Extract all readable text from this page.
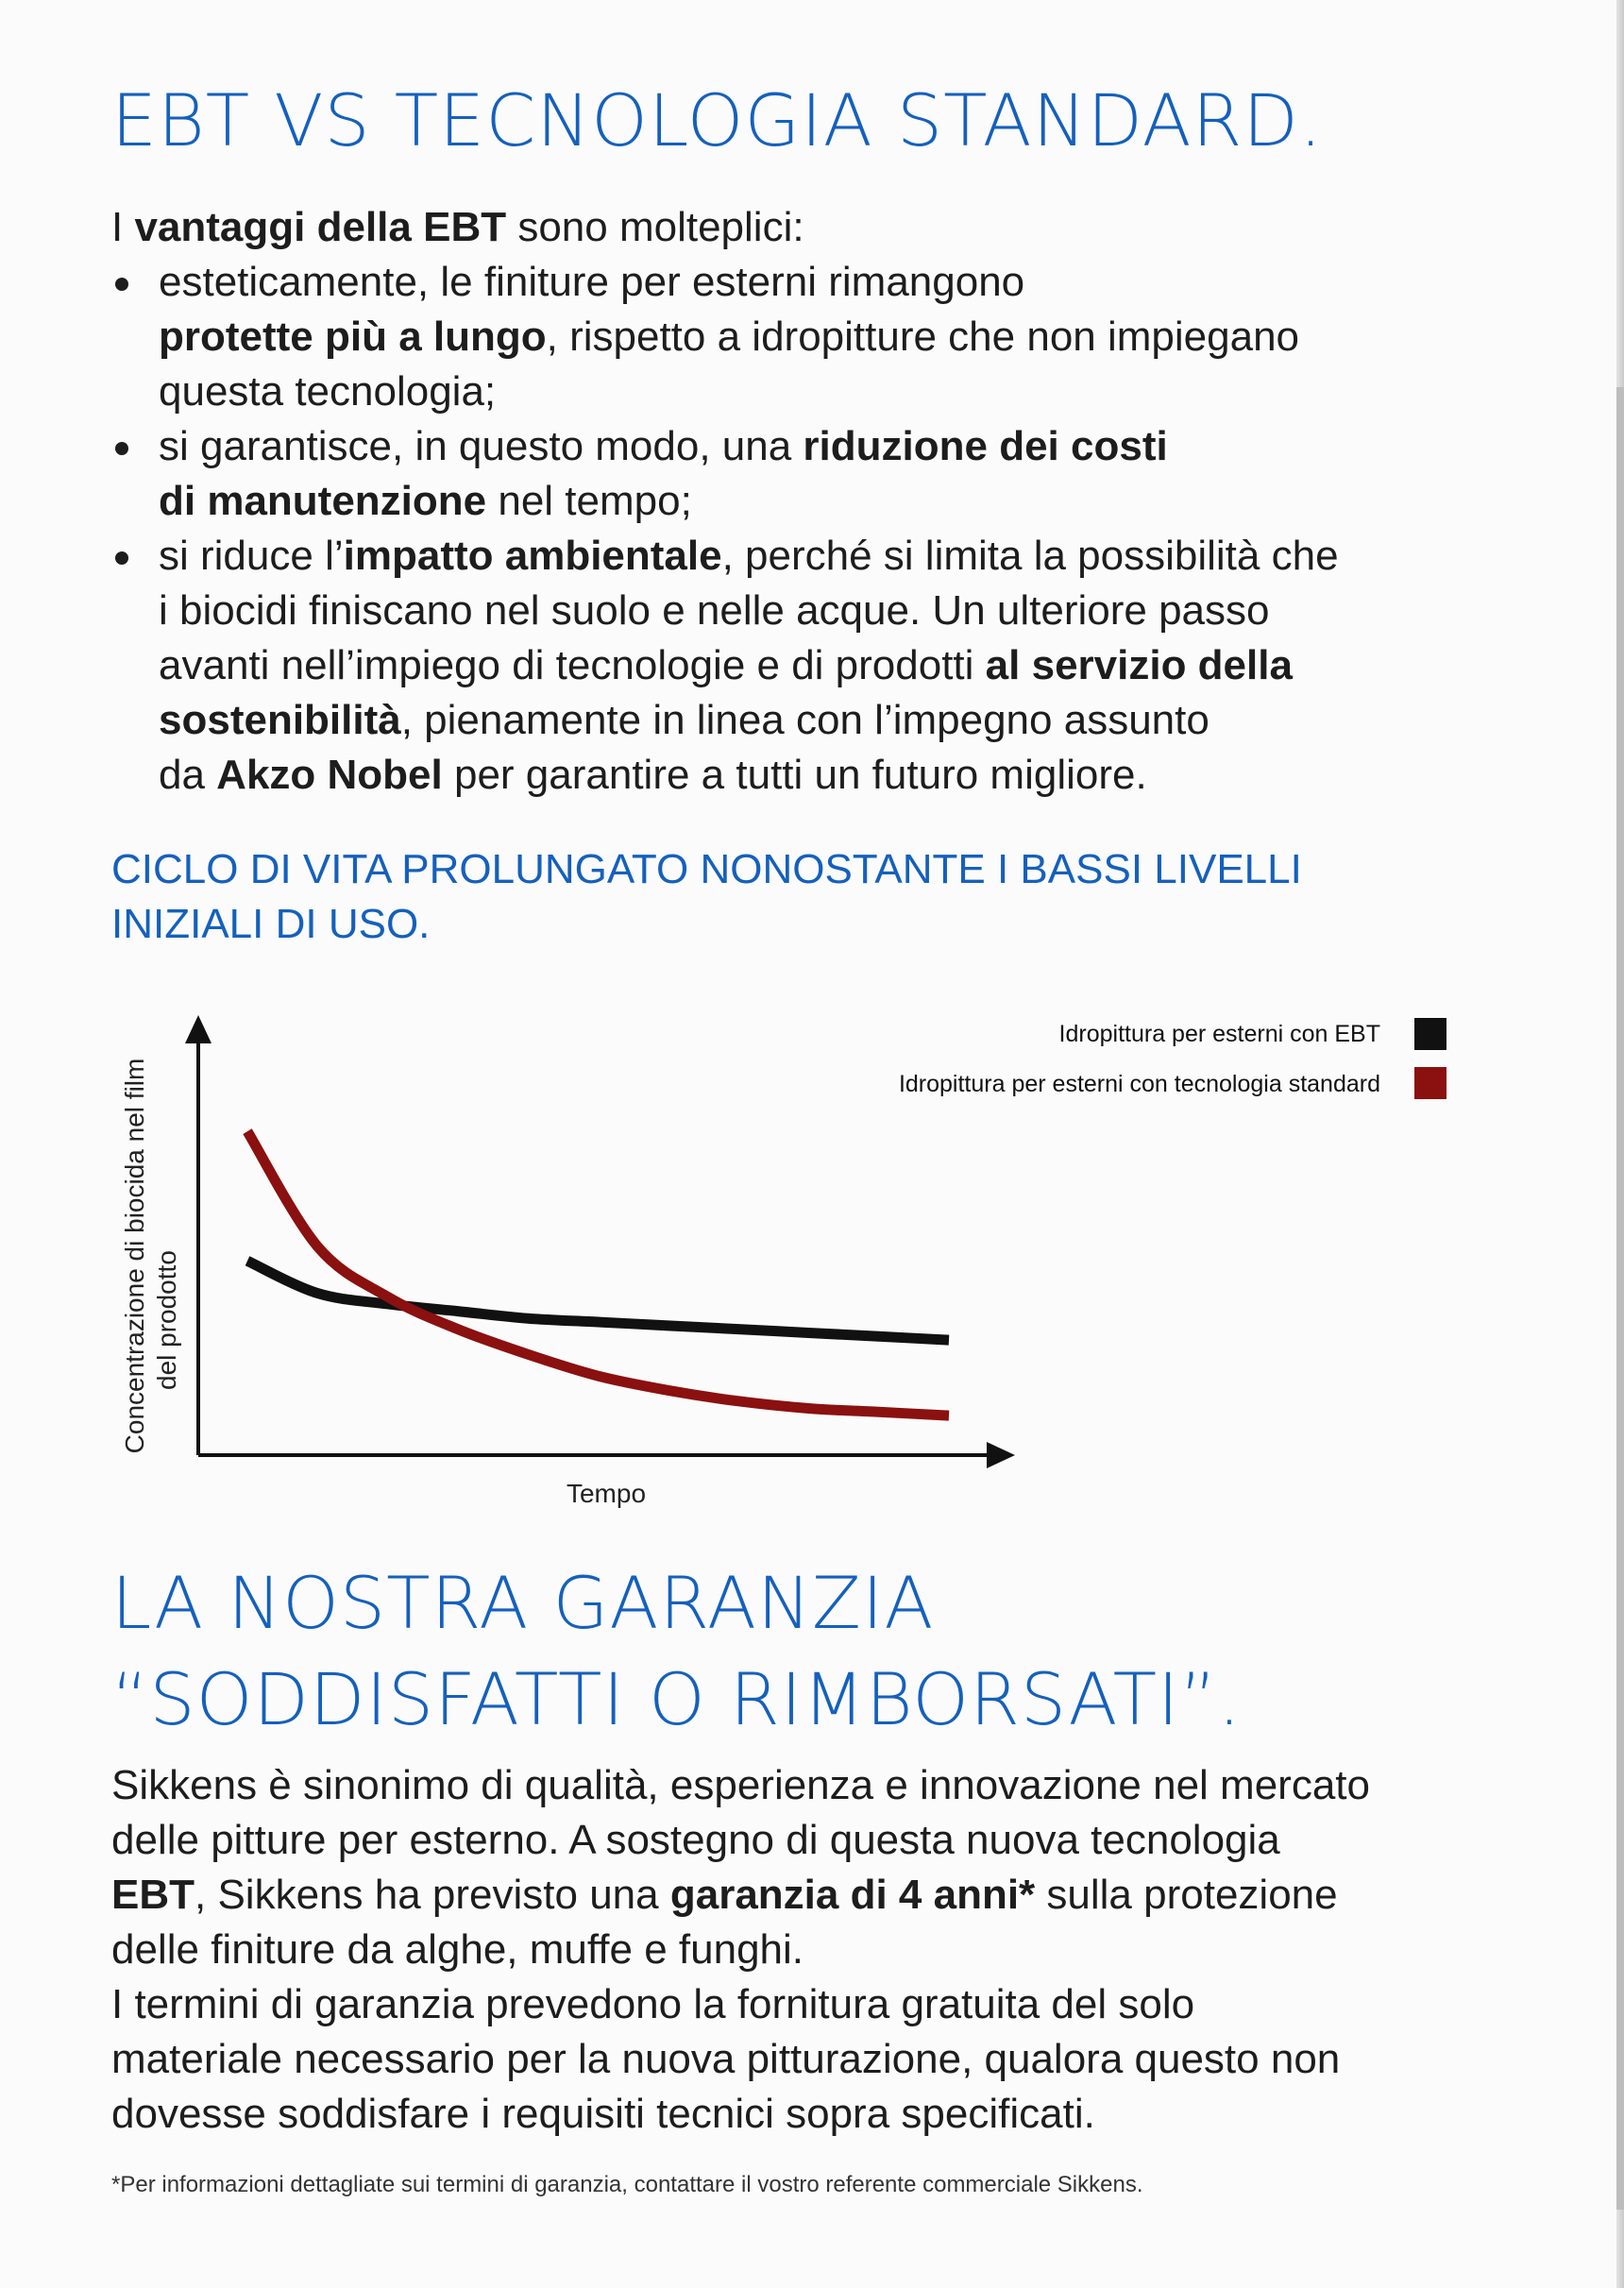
EBT VS TECNOLOGIA STANDARD.

I vantaggi della EBT sono molteplici:

esteticamente, le finiture per esterni rimangono
protette più a lungo, rispetto a idropitture che non impiegano
questa tecnologia;
si garantisce, in questo modo, una riduzione dei costi
di manutenzione nel tempo;
si riduce l’impatto ambientale, perché si limita la possibilità che
i biocidi finiscano nel suolo e nelle acque. Un ulteriore passo
avanti nell’impiego di tecnologie e di prodotti al servizio della
sostenibilità, pienamente in linea con l’impegno assunto
da Akzo Nobel per garantire a tutti un futuro migliore.
CICLO DI VITA PROLUNGATO NONOSTANTE I BASSI LIVELLI
INIZIALI DI USO.
Tempo
Concentrazione di biocida nel film del prodotto
Idropittura per esterni con EBT
Idropittura per esterni con tecnologia standard
LA NOSTRA GARANZIA
“SODDISFATTI O RIMBORSATI”.
Sikkens è sinonimo di qualità, esperienza e innovazione nel mercato
delle pitture per esterno. A sostegno di questa nuova tecnologia
EBT, Sikkens ha previsto una garanzia di 4 anni* sulla protezione
delle finiture da alghe, muffe e funghi.
I termini di garanzia prevedono la fornitura gratuita del solo
materiale necessario per la nuova pitturazione, qualora questo non
dovesse soddisfare i requisiti tecnici sopra specificati.
*Per informazioni dettagliate sui termini di garanzia, contattare il vostro referente commerciale Sikkens.
